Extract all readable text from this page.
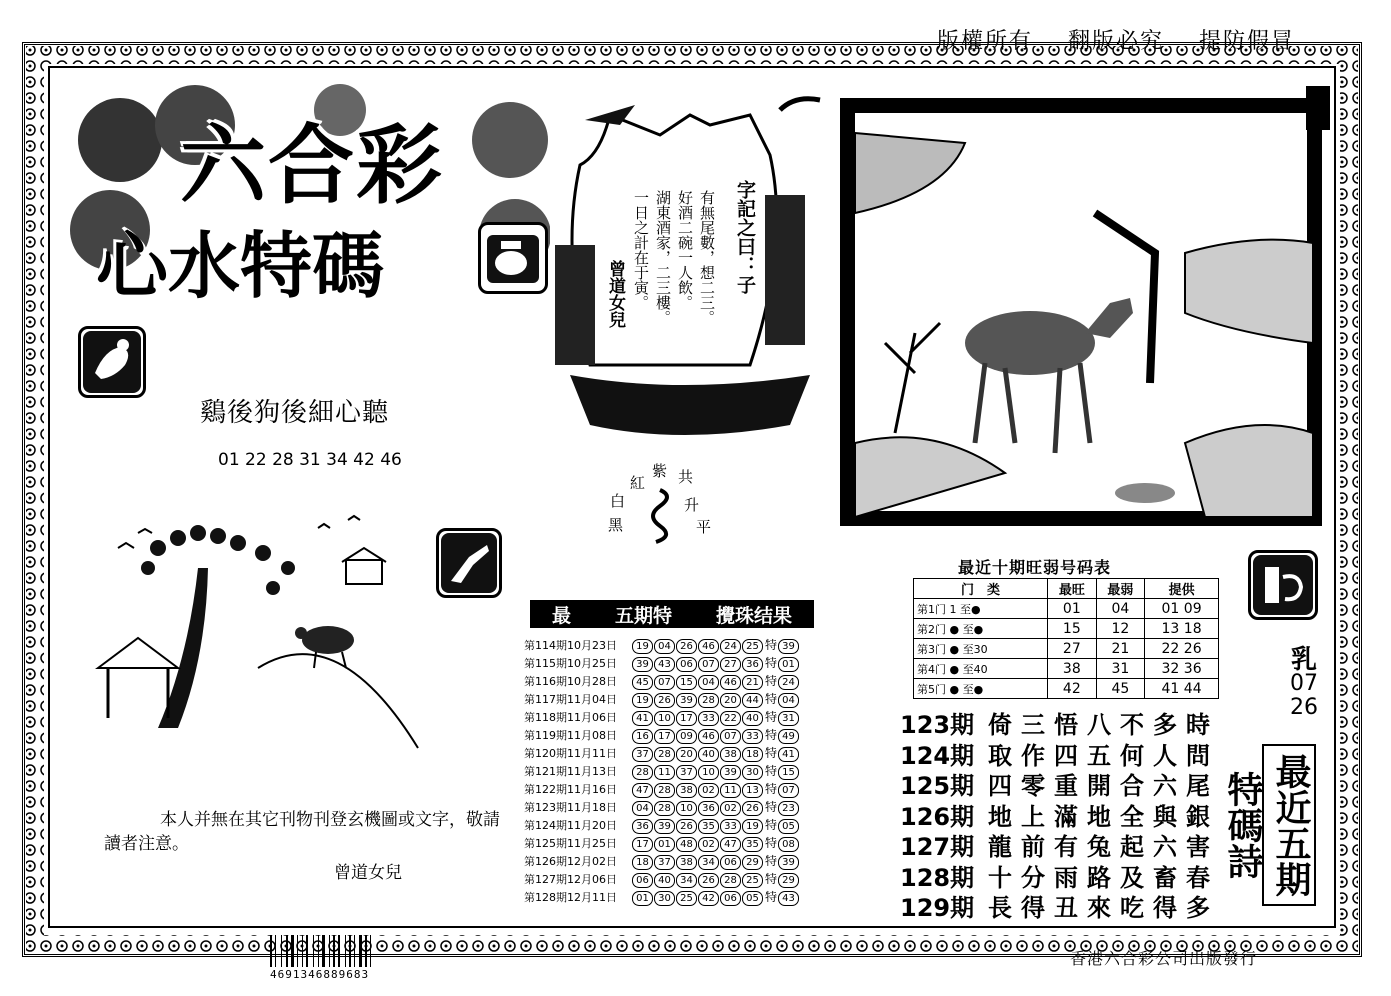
版權所有 翻版必究 提防假冒
六合彩
心水特碼
鷄後狗後細心聽
01 22 28 31 34 42 46

本人并無在其它刊物刊登玄機圖或文字，敬請讀者注意。

曾道女兒
字記之曰：子
有無尾數，想二三。
好酒二碗一人飲。
湖東酒家，二三樓。
一日之計在于寅。
曾道女兒
紫 共
紅
白	升
黑	平
最近十期旺弱号码表
门　类	最旺	最弱	提供
第1门 1 至●	01	04	01 09
第2门 ● 至●	15	12	13 18
第3门 ● 至30	27	21	22 26
第4门 ● 至40	38	31	32 36
第5门 ● 至●	42	45	41 44
最 五期特 攪珠结果
第114期10月23日	19 04 26 46 24 25 特 39
第115期10月25日	39 43 06 07 27 36 特 01
第116期10月28日	45 07 15 04 46 21 特 24
第117期11月04日	19 26 39 28 20 44 特 04
第118期11月06日	41 10 17 33 22 40 特 31
第119期11月08日	16 17 09 46 07 33 特 49
第120期11月11日	37 28 20 40 38 18 特 41
第121期11月13日	28 11 37 10 39 30 特 15
第122期11月16日	47 28 38 02 11 13 特 07
第123期11月18日	04 28 10 36 02 26 特 23
第124期11月20日	36 39 26 35 33 19 特 05
第125期11月25日	17 01 48 02 47 35 特 08
第126期12月02日	18 37 38 34 06 29 特 39
第127期12月06日	06 40 34 26 28 25 特 29
第128期12月11日	01 30 25 42 06 05 特 43
123期 倚三悟八不多時
124期 取作四五何人問
125期 四零重開合六尾
126期 地上滿地全與銀
127期 龍前有兔起六害
128期 十分雨路及畜春
129期 長得丑來吃得多
乳
07
26
最近五期特碼詩
香港六合彩公司出版發行
4691346889683
